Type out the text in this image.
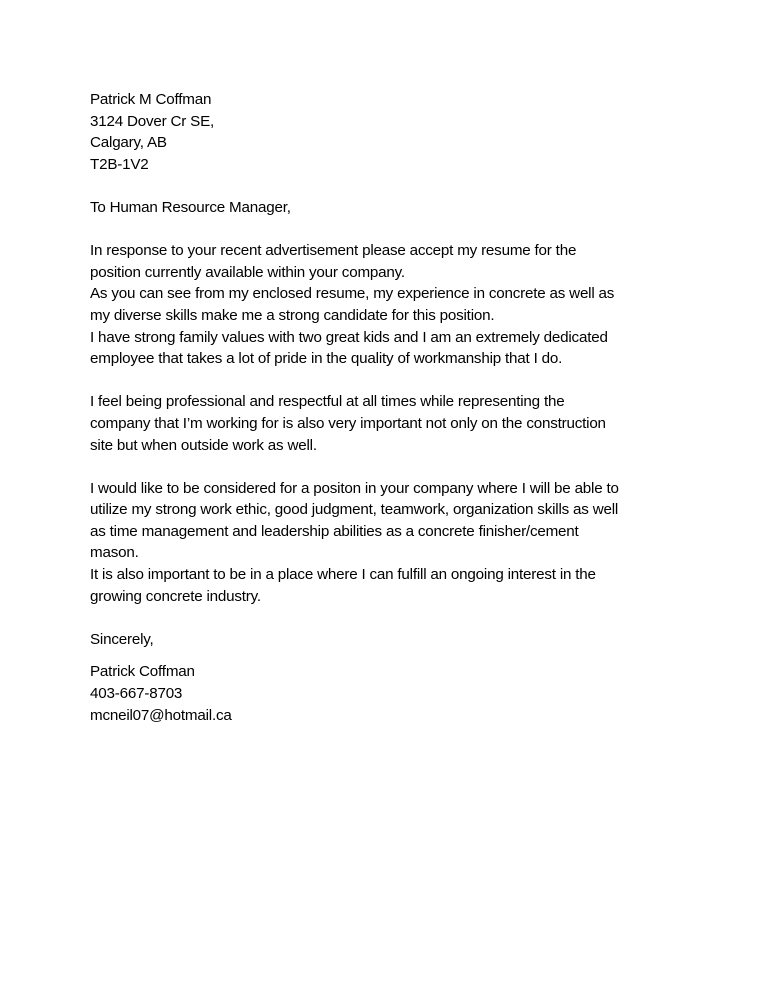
Patrick M Coffman
3124 Dover Cr SE,
Calgary, AB
T2B-1V2
To Human Resource Manager,
In response to your recent advertisement please accept my resume for the
position currently available within your company.
As you can see from my enclosed resume, my experience in concrete as well as
my diverse skills make me a strong candidate for this position.
I have strong family values with two great kids and I am an extremely dedicated
employee that takes a lot of pride in the quality of workmanship that I do.
I feel being professional and respectful at all times while representing the
company that I’m working for is also very important not only on the construction
site but when outside work as well.
I would like to be considered for a positon in your company where I will be able to
utilize my strong work ethic, good judgment, teamwork, organization skills as well
as time management and leadership abilities as a concrete finisher/cement
mason.
It is also important to be in a place where I can fulfill an ongoing interest in the
growing concrete industry.
Sincerely,
Patrick Coffman
403-667-8703
mcneil07@hotmail.ca
